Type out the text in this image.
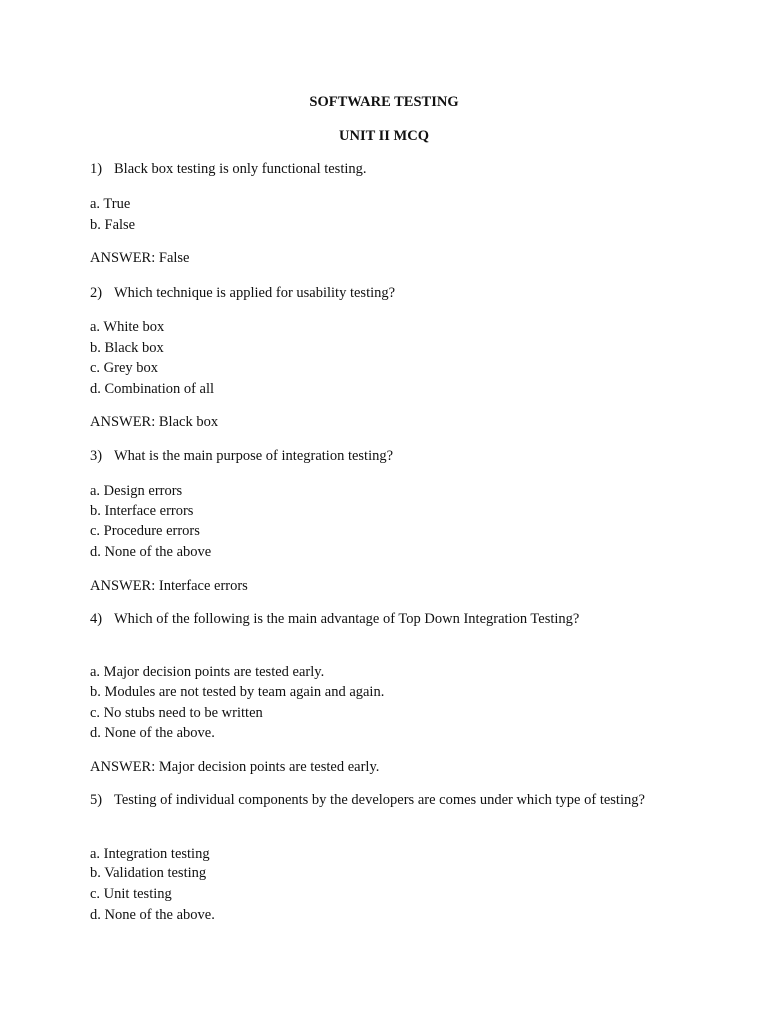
SOFTWARE TESTING
UNIT II MCQ
1) Black box testing is only functional testing.
a. True
b. False
ANSWER: False
2) Which technique is applied for usability testing?
a. White box
b. Black box
c. Grey box
d. Combination of all
ANSWER: Black box
3) What is the main purpose of integration testing?
a. Design errors
b. Interface errors
c. Procedure errors
d. None of the above
ANSWER: Interface errors
4) Which of the following is the main advantage of Top Down Integration Testing?
a. Major decision points are tested early.
b. Modules are not tested by team again and again.
c. No stubs need to be written
d. None of the above.
ANSWER: Major decision points are tested early.
5) Testing of individual components by the developers are comes under which type of testing?
a. Integration testing
b. Validation testing
c. Unit testing
d. None of the above.
